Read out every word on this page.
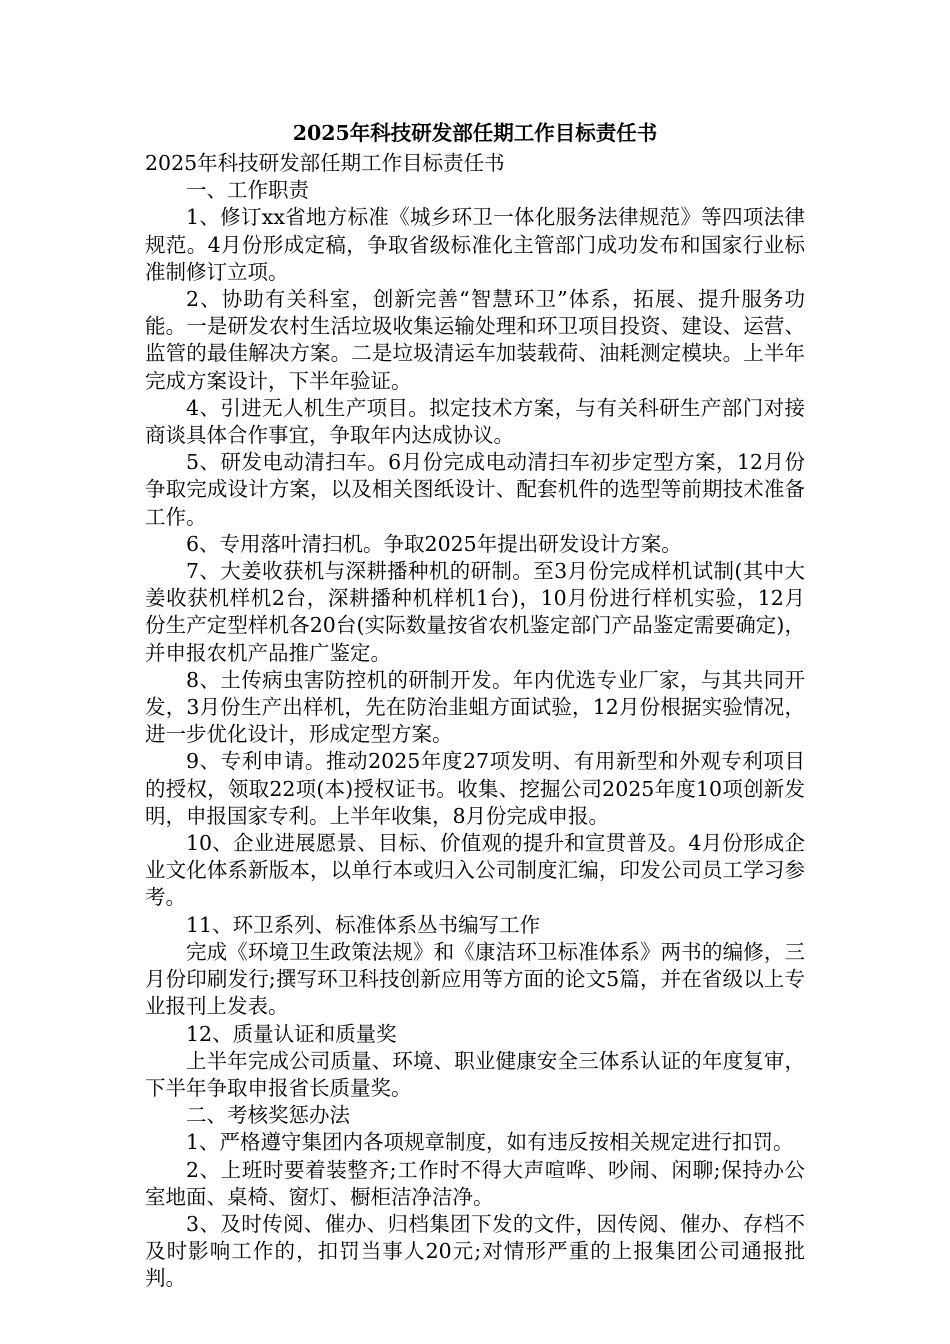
2025年科技研发部任期工作目标责任书
2025年科技研发部任期工作目标责任书
一、工作职责
1、修订xx省地方标准《城乡环卫一体化服务法律规范》等四项法律规范。4月份形成定稿，争取省级标准化主管部门成功发布和国家行业标准制修订立项。
2、协助有关科室，创新完善“智慧环卫”体系，拓展、提升服务功能。一是研发农村生活垃圾收集运输处理和环卫项目投资、建设、运营、监管的最佳解决方案。二是垃圾清运车加装载荷、油耗测定模块。上半年完成方案设计，下半年验证。
4、引进无人机生产项目。拟定技术方案，与有关科研生产部门对接商谈具体合作事宜，争取年内达成协议。
5、研发电动清扫车。6月份完成电动清扫车初步定型方案，12月份争取完成设计方案，以及相关图纸设计、配套机件的选型等前期技术准备工作。
6、专用落叶清扫机。争取2025年提出研发设计方案。
7、大姜收获机与深耕播种机的研制。至3月份完成样机试制(其中大姜收获机样机2台，深耕播种机样机1台)，10月份进行样机实验，12月份生产定型样机各20台(实际数量按省农机鉴定部门产品鉴定需要确定)，并申报农机产品推广鉴定。
8、土传病虫害防控机的研制开发。年内优选专业厂家，与其共同开发，3月份生产出样机，先在防治韭蛆方面试验，12月份根据实验情况，进一步优化设计，形成定型方案。
9、专利申请。推动2025年度27项发明、有用新型和外观专利项目的授权，领取22项(本)授权证书。收集、挖掘公司2025年度10项创新发明，申报国家专利。上半年收集，8月份完成申报。
10、企业进展愿景、目标、价值观的提升和宣贯普及。4月份形成企业文化体系新版本，以单行本或归入公司制度汇编，印发公司员工学习参考。
11、环卫系列、标准体系丛书编写工作
完成《环境卫生政策法规》和《康洁环卫标准体系》两书的编修，三月份印刷发行;撰写环卫科技创新应用等方面的论文5篇，并在省级以上专业报刊上发表。
12、质量认证和质量奖
上半年完成公司质量、环境、职业健康安全三体系认证的年度复审，下半年争取申报省长质量奖。
二、考核奖惩办法
1、严格遵守集团内各项规章制度，如有违反按相关规定进行扣罚。
2、上班时要着装整齐;工作时不得大声喧哗、吵闹、闲聊;保持办公室地面、桌椅、窗灯、橱柜洁净洁净。
3、及时传阅、催办、归档集团下发的文件，因传阅、催办、存档不及时影响工作的，扣罚当事人20元;对情形严重的上报集团公司通报批判。
